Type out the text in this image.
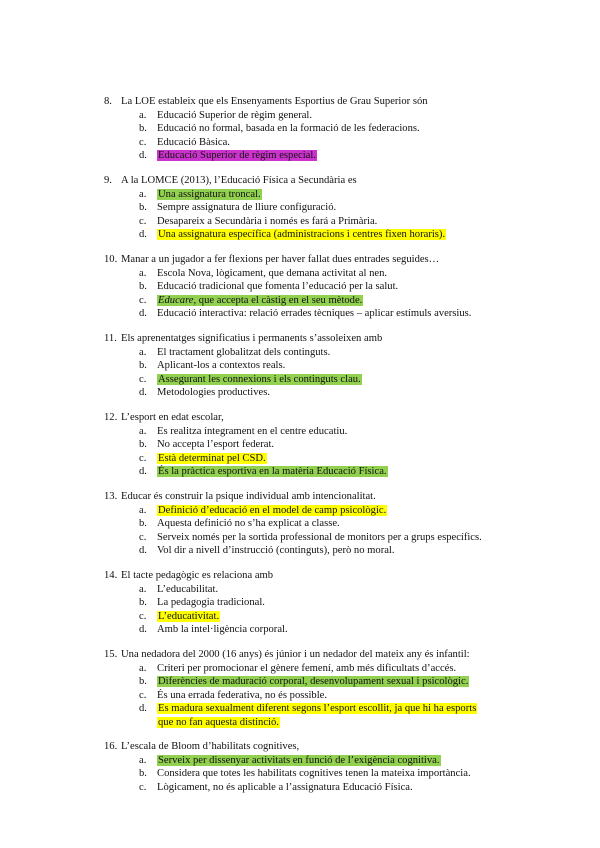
8. La LOE estableix que els Ensenyaments Esportius de Grau Superior són
a.	Educació Superior de règim general.
b. Educació no formal, basada en la formació de les federacions.
c.	Educació Bàsica.
d.	Educació Superior de règim especial.
9. A la LOMCE (2013), l’Educació Física a Secundària es
a.	Una assignatura troncal.
b. Sempre assignatura de lliure configuració.
c.	Desapareix a Secundària i només es fará a Primària.
d.	Una assignatura específica (administracions i centres fixen horaris).
10. Manar a un jugador a fer flexions per haver fallat dues entrades seguides…
a.	Escola Nova, lògicament, que demana activitat al nen.
b. Educació tradicional que fomenta l’educació per la salut.
c.	Educare, que accepta el càstig en el seu mètode.
d. Educació interactiva: relació errades tècniques – aplicar estímuls aversius.
11. Els aprenentatges significatius i permanents s’assoleixen amb
a.	El tractament globalitzat dels continguts.
b. Aplicant-los a contextos reals.
c.	Assegurant les connexions i els continguts clau.
d. Metodologies productives.
12. L’esport en edat escolar,
a.	Es realitza íntegrament en el centre educatiu.
b. No accepta l’esport federat.
c.	Està determinat pel CSD.
d.	És la pràctica esportiva en la matèria Educació Física.
13. Educar és construir la psique individual amb intencionalitat.
a.	Definició d’educació en el model de camp psicològic.
b. Aquesta definició no s’ha explicat a classe.
c.	Serveix només per la sortida professional de monitors per a grups específics.
d. Vol dir a nivell d’instrucció (continguts), però no moral.
14. El tacte pedagògic es relaciona amb
a.	L’educabilitat.
b. La pedagogia tradicional.
c.	L’educativitat.
d. Amb la intel·ligència corporal.
15. Una nedadora del 2000 (16 anys) és júnior i un nedador del mateix any és infantil:
a.	Criteri per promocionar el gènere femení, amb més dificultats d’accés.
b.	Diferències de maduració corporal, desenvolupament sexual i psicològic.
c.	És una errada federativa, no és possible.
d.	Es madura sexualment diferent segons l’esport escollit, ja que hi ha esports que no fan aquesta distinció.
16. L’escala de Bloom d’habilitats cognitives,
a.	Serveix per dissenyar activitats en funció de l’exigència cognitiva.
b. Considera que totes les habilitats cognitives tenen la mateixa importància.
c.	Lògicament, no és aplicable a l’assignatura Educació Física.
